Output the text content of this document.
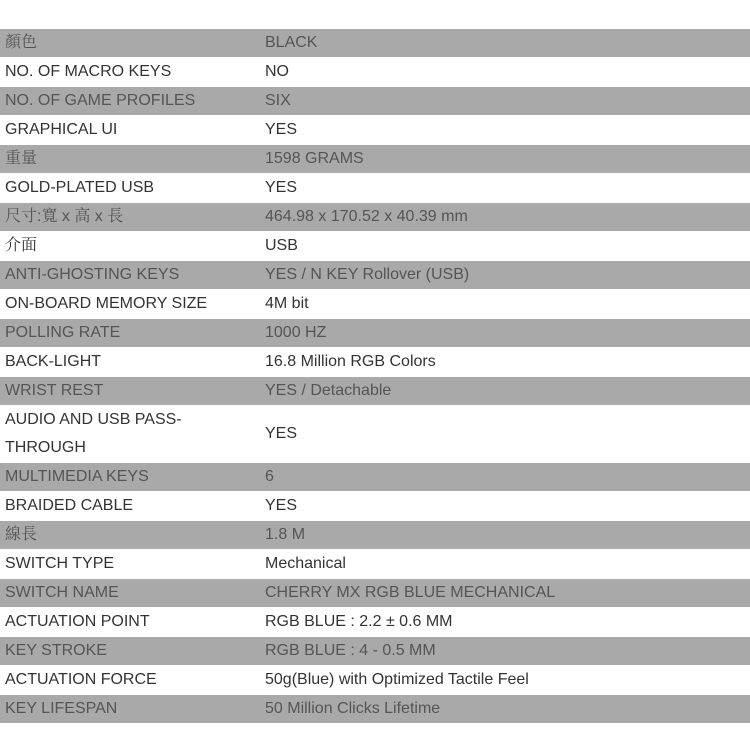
顏色	BLACK
NO. OF MACRO KEYS	NO
NO. OF GAME PROFILES	SIX
GRAPHICAL UI	YES
重量	1598 GRAMS
GOLD-PLATED USB	YES
尺寸:寬 x 高 x 長	464.98 x 170.52 x 40.39 mm
介面	USB
ANTI-GHOSTING KEYS	YES / N KEY Rollover (USB)
ON-BOARD MEMORY SIZE	4M bit
POLLING RATE	1000 HZ
BACK-LIGHT	16.8 Million RGB Colors
WRIST REST	YES / Detachable
AUDIO AND USB PASS-THROUGH	YES
MULTIMEDIA KEYS	6
BRAIDED CABLE	YES
線長	1.8 M
SWITCH TYPE	Mechanical
SWITCH NAME	CHERRY MX RGB BLUE MECHANICAL
ACTUATION POINT	RGB BLUE : 2.2 ± 0.6 MM
KEY STROKE	RGB BLUE : 4 - 0.5 MM
ACTUATION FORCE	50g(Blue) with Optimized Tactile Feel
KEY LIFESPAN	50 Million Clicks Lifetime
